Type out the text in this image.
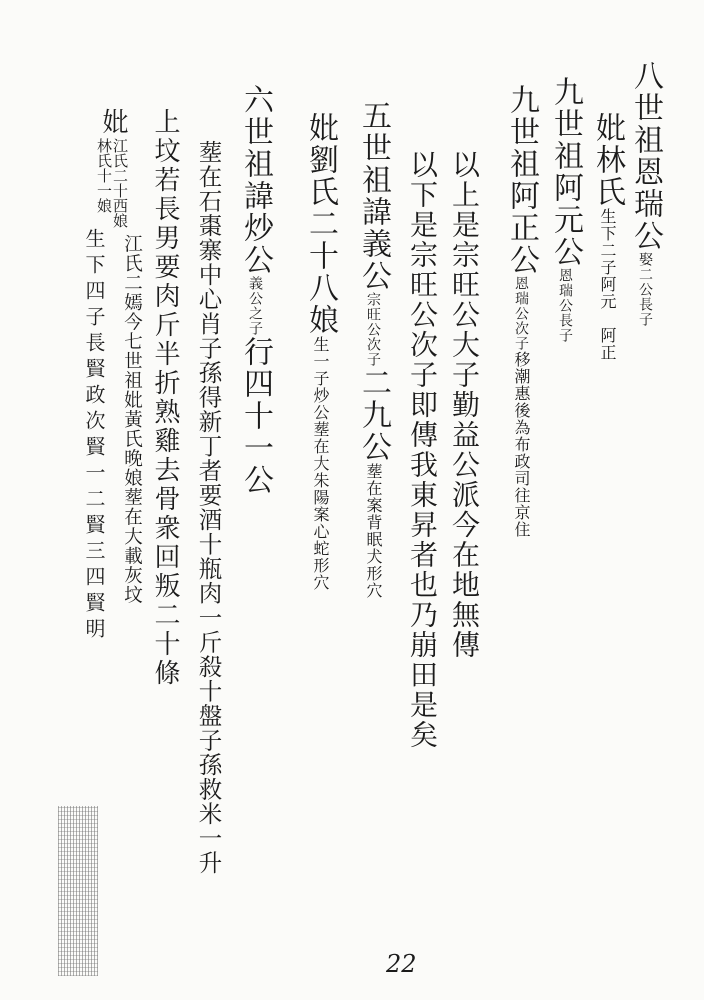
八世祖恩瑞公娶二公長子
妣林氏生下二子阿元　阿正
九世祖阿元公恩瑞公長子
九世祖阿正公恩瑞公次子移潮惠後為布政司往京住
以上是宗旺公大子勤益公派今在地無傳
以下是宗旺公次子即傳我東昇者也乃崩田是矣
五世祖諱義公宗旺公次子二九公塟在案背眠犬形穴
妣劉氏二十八娘生一子炒公塟在大朱陽案心蛇形穴
六世祖諱炒公義公之子行四十一公
塟在石棗寨中心肖子孫得新丁者要酒十瓶肉一斤殺十盤子孫救米一升
上坟若長男要肉斤半折熟雞去骨衆回叛二十條
妣
江氏二十西娘
林氏十一娘
江氏二嫣今七世祖妣黃氏晚娘塟在大載灰坟
生下四子長賢政次賢一二賢三四賢明
22
